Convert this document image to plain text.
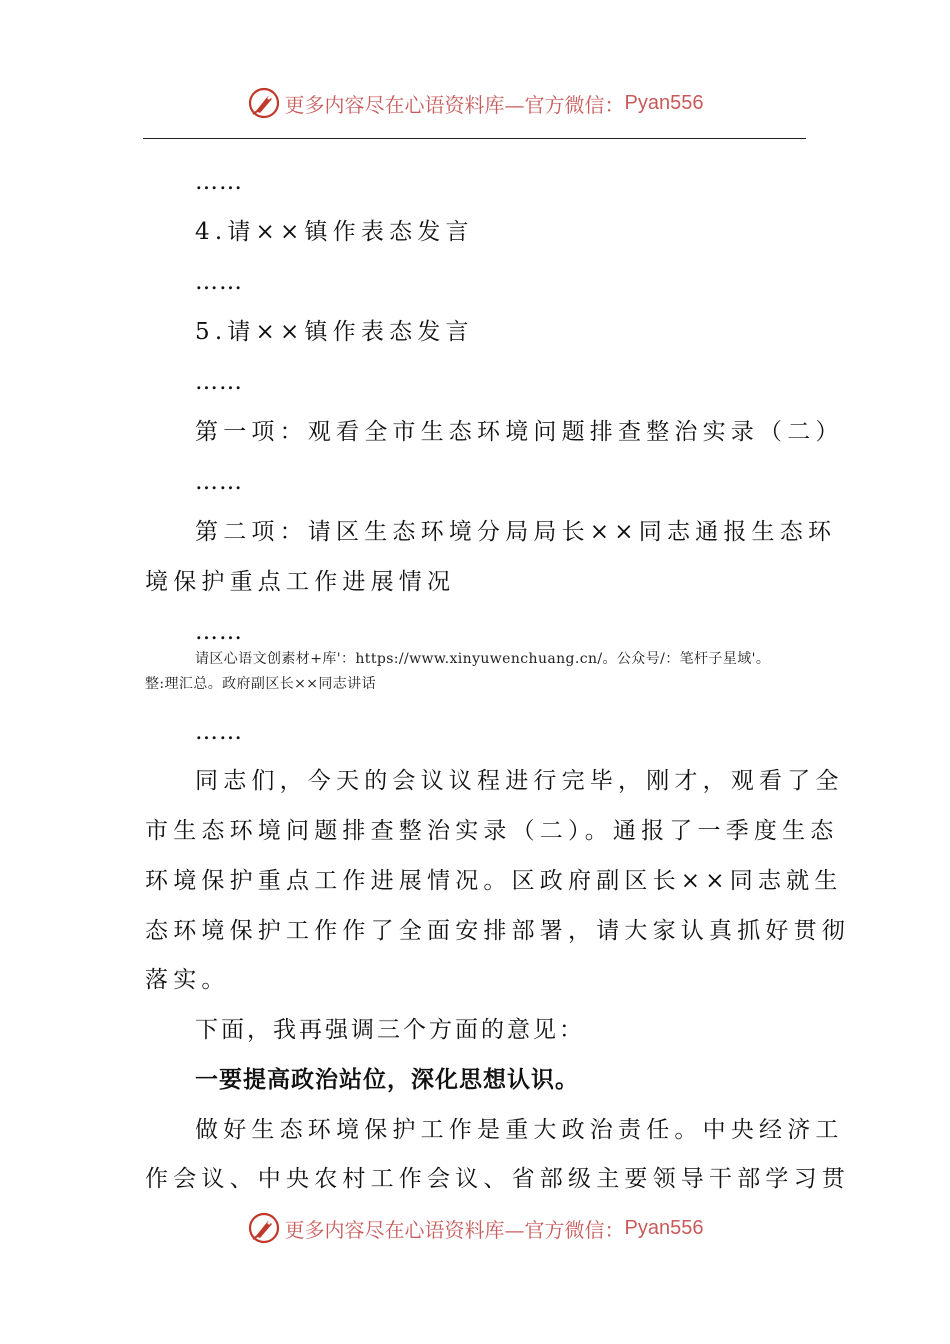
更多内容尽在心语资料库—官方微信： Pyan556
……
4.请××镇作表态发言
……
5.请××镇作表态发言
……
第一项：观看全市生态环境问题排查整治实录（二）
……
第二项：请区生态环境分局局长××同志通报生态环
境保护重点工作进展情况
……
请区心语文创素材+库'：https://www.xinyuwenchuang.cn/。公众号/：笔杆子星域'。
整:理汇总。政府副区长××同志讲话
……
同志们，今天的会议议程进行完毕，刚才，观看了全
市生态环境问题排查整治实录（二）。通报了一季度生态
环境保护重点工作进展情况。区政府副区长××同志就生
态环境保护工作作了全面安排部署，请大家认真抓好贯彻
落实。
下面，我再强调三个方面的意见：
一要提高政治站位，深化思想认识。
做好生态环境保护工作是重大政治责任。中央经济工
作会议、中央农村工作会议、省部级主要领导干部学习贯
更多内容尽在心语资料库—官方微信： Pyan556
